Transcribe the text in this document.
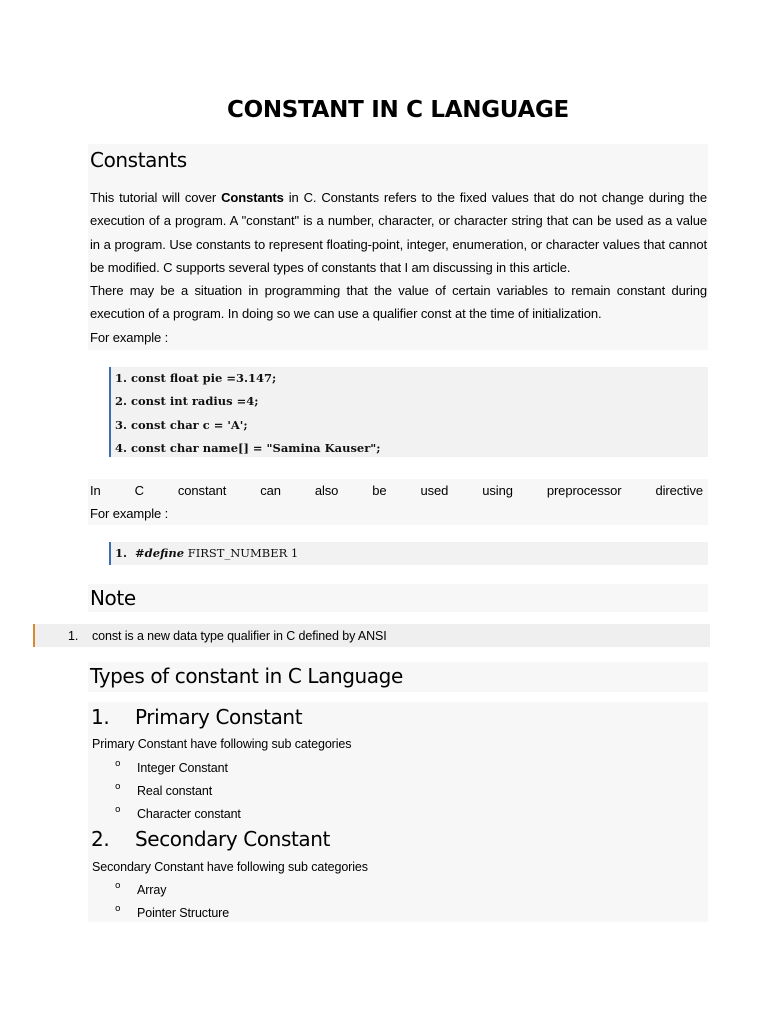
CONSTANT IN C LANGUAGE
Constants

This tutorial will cover Constants in C. Constants refers to the fixed values that do not change during the execution of a program. A "constant" is a number, character, or character string that can be used as a value in a program. Use constants to represent floating-point, integer, enumeration, or character values that cannot be modified. C supports several types of constants that I am discussing in this article.

There may be a situation in programming that the value of certain variables to remain constant during execution of a program. In doing so we can use a qualifier const at the time of initialization.

For example :

1. const float pie =3.147;
2. const int radius =4;
3. const char c = 'A';
4. const char name[] = "Samina Kauser";
In	C	constant	can	also	be	used	using	preprocessor	directive
For example :
1. #define FIRST_NUMBER 1
Note
1. const is a new data type qualifier in C defined by ANSI
Types of constant in C Language
1. Primary Constant
Primary Constant have following sub categories
o Integer Constant
o Real constant
o Character constant
2. Secondary Constant
Secondary Constant have following sub categories
o Array
o Pointer Structure
